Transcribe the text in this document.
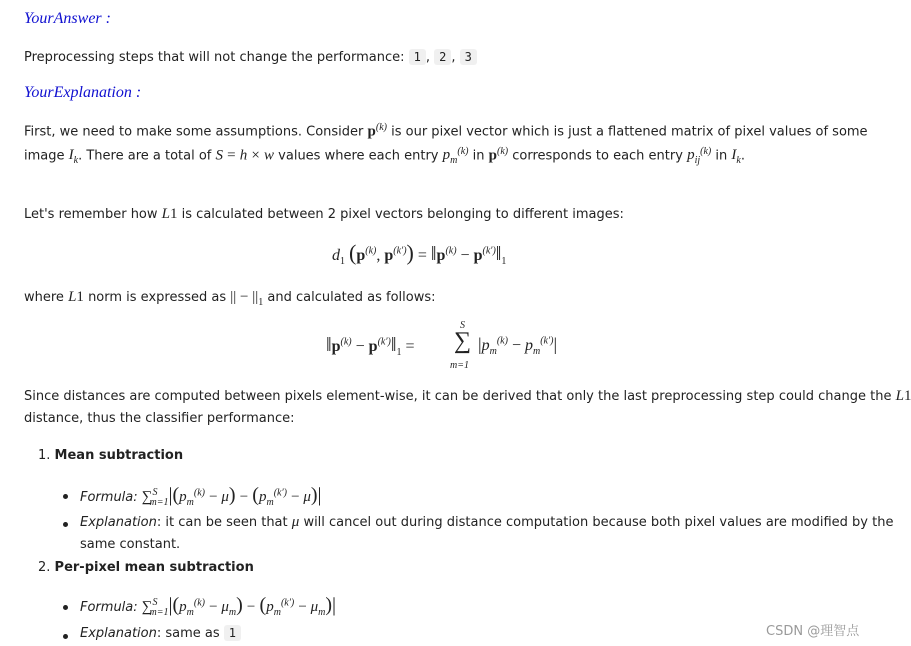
YourAnswer :
Preprocessing steps that will not change the performance: 1 , 2 , 3
YourExplanation :
First, we need to make some assumptions. Consider $p^{(k)}$ is our pixel vector which is just a flattened matrix of pixel values of some
image $I_k$. There are a total of S = h × w values where each entry $p_m^{(k)}$ in $p^{(k)}$ corresponds to each entry $p_{ij}^{(k)}$ in $I_k$.
Let's remember how L1 is calculated between 2 pixel vectors belonging to different images:
$d_1$ ($p^{(k)}$, $p^{(k')}$) = $‖p^{(k)}$ − $p^{(k')}‖_1$
where L1 norm is expressed as || − $||_1$ and calculated as follows:
$‖p^{(k)}$ − $p^{(k')}‖_1$ =
S
∑
m=1
$|p_m^{(k)} - p_m^{(k')}|$
Since distances are computed between pixels element-wise, it can be derived that only the last preprocessing step could change the L1
distance, thus the classifier performance:
1. Mean subtraction
Formula: $\sum^S_{m=1}|(p_m^{(k)} - \mu) - (p_m^{(k')} - \mu)|$
Explanation: it can be seen that μ will cancel out during distance computation because both pixel values are modified by the
same constant.
2. Per-pixel mean subtraction
Formula: $\sum^S_{m=1}|(p_m^{(k)} - \mu_m) - (p_m^{(k')} - \mu_m)|$
Explanation: same as 1	CSDN @理智点
